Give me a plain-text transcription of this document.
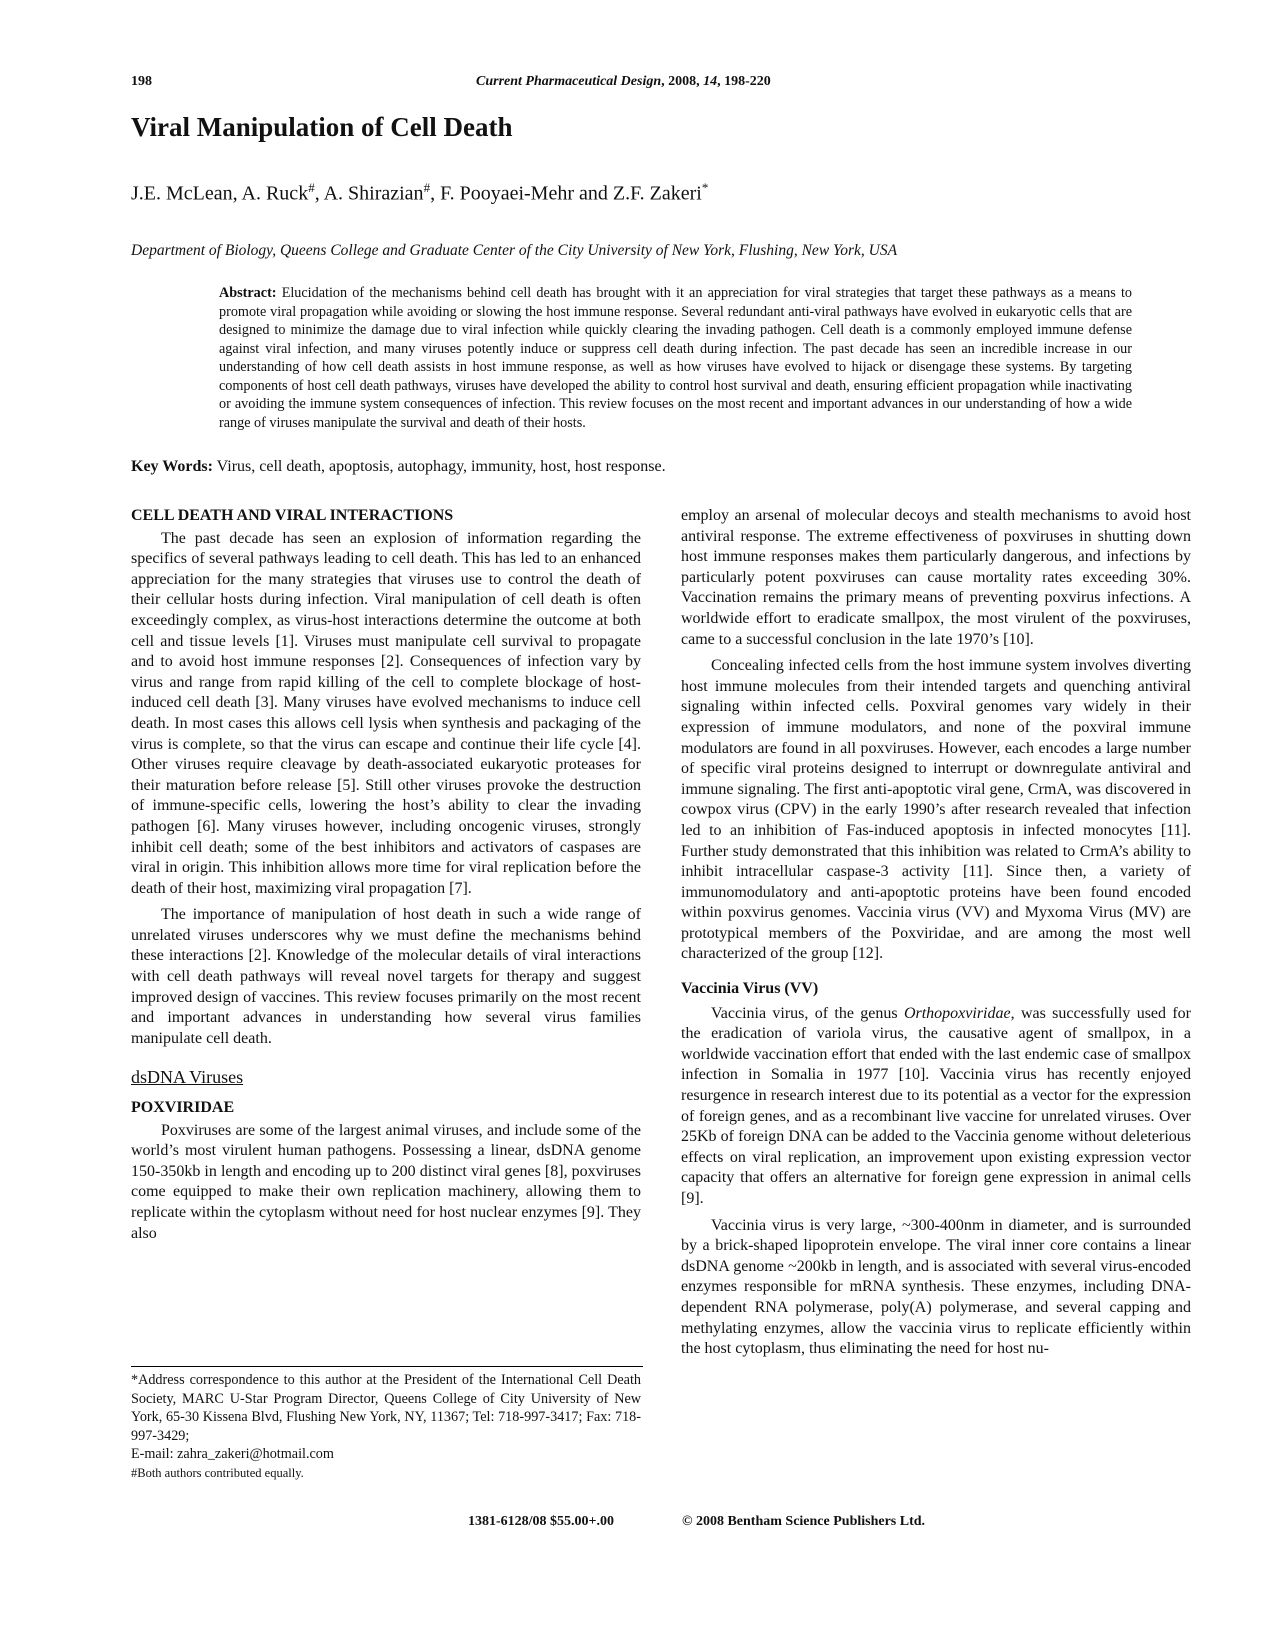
198	Current Pharmaceutical Design, 2008, 14, 198-220
Viral Manipulation of Cell Death
J.E. McLean, A. Ruck#, A. Shirazian#, F. Pooyaei-Mehr and Z.F. Zakeri*
Department of Biology, Queens College and Graduate Center of the City University of New York, Flushing, New York, USA
Abstract: Elucidation of the mechanisms behind cell death has brought with it an appreciation for viral strategies that target these pathways as a means to promote viral propagation while avoiding or slowing the host immune response. Several redundant anti-viral pathways have evolved in eukaryotic cells that are designed to minimize the damage due to viral infection while quickly clearing the invading pathogen. Cell death is a commonly employed immune defense against viral infection, and many viruses potently induce or suppress cell death during infection. The past decade has seen an incredible increase in our understanding of how cell death assists in host immune response, as well as how viruses have evolved to hijack or disengage these systems. By targeting components of host cell death pathways, viruses have developed the ability to control host survival and death, ensuring efficient propagation while inactivating or avoiding the immune system consequences of infection. This review focuses on the most recent and important advances in our understanding of how a wide range of viruses manipulate the survival and death of their hosts.
Key Words: Virus, cell death, apoptosis, autophagy, immunity, host, host response.
CELL DEATH AND VIRAL INTERACTIONS

The past decade has seen an explosion of information regarding the specifics of several pathways leading to cell death. This has led to an enhanced appreciation for the many strategies that viruses use to control the death of their cellular hosts during infection. Viral manipulation of cell death is often exceedingly complex, as virus-host interactions determine the outcome at both cell and tissue levels [1]. Viruses must manipulate cell survival to propagate and to avoid host immune responses [2]. Consequences of infection vary by virus and range from rapid killing of the cell to complete blockage of host-induced cell death [3]. Many viruses have evolved mechanisms to induce cell death. In most cases this allows cell lysis when synthesis and packaging of the virus is complete, so that the virus can escape and continue their life cycle [4]. Other viruses require cleavage by death-associated eukaryotic proteases for their maturation before release [5]. Still other viruses provoke the destruction of immune-specific cells, lowering the host’s ability to clear the invading pathogen [6]. Many viruses however, including oncogenic viruses, strongly inhibit cell death; some of the best inhibitors and activators of caspases are viral in origin. This inhibition allows more time for viral replication before the death of their host, maximizing viral propagation [7].

The importance of manipulation of host death in such a wide range of unrelated viruses underscores why we must define the mechanisms behind these interactions [2]. Knowledge of the molecular details of viral interactions with cell death pathways will reveal novel targets for therapy and suggest improved design of vaccines. This review focuses primarily on the most recent and important advances in understanding how several virus families manipulate cell death.

dsDNA Viruses
POXVIRIDAE

Poxviruses are some of the largest animal viruses, and include some of the world’s most virulent human pathogens. Possessing a linear, dsDNA genome 150-350kb in length and encoding up to 200 distinct viral genes [8], poxviruses come equipped to make their own replication machinery, allowing them to replicate within the cytoplasm without need for host nuclear enzymes [9]. They also

*Address correspondence to this author at the President of the International Cell Death Society, MARC U-Star Program Director, Queens College of City University of New York, 65-30 Kissena Blvd, Flushing New York, NY, 11367; Tel: 718-997-3417; Fax: 718-997-3429;
E-mail: zahra_zakeri@hotmail.com
#Both authors contributed equally.

employ an arsenal of molecular decoys and stealth mechanisms to avoid host antiviral response. The extreme effectiveness of poxviruses in shutting down host immune responses makes them particularly dangerous, and infections by particularly potent poxviruses can cause mortality rates exceeding 30%. Vaccination remains the primary means of preventing poxvirus infections. A worldwide effort to eradicate smallpox, the most virulent of the poxviruses, came to a successful conclusion in the late 1970’s [10].

Concealing infected cells from the host immune system involves diverting host immune molecules from their intended targets and quenching antiviral signaling within infected cells. Poxviral genomes vary widely in their expression of immune modulators, and none of the poxviral immune modulators are found in all poxviruses. However, each encodes a large number of specific viral proteins designed to interrupt or downregulate antiviral and immune signaling. The first anti-apoptotic viral gene, CrmA, was discovered in cowpox virus (CPV) in the early 1990’s after research revealed that infection led to an inhibition of Fas-induced apoptosis in infected monocytes [11]. Further study demonstrated that this inhibition was related to CrmA’s ability to inhibit intracellular caspase-3 activity [11]. Since then, a variety of immunomodulatory and anti-apoptotic proteins have been found encoded within poxvirus genomes. Vaccinia virus (VV) and Myxoma Virus (MV) are prototypical members of the Poxviridae, and are among the most well characterized of the group [12].

Vaccinia Virus (VV)

Vaccinia virus, of the genus Orthopoxviridae, was successfully used for the eradication of variola virus, the causative agent of smallpox, in a worldwide vaccination effort that ended with the last endemic case of smallpox infection in Somalia in 1977 [10]. Vaccinia virus has recently enjoyed resurgence in research interest due to its potential as a vector for the expression of foreign genes, and as a recombinant live vaccine for unrelated viruses. Over 25Kb of foreign DNA can be added to the Vaccinia genome without deleterious effects on viral replication, an improvement upon existing expression vector capacity that offers an alternative for foreign gene expression in animal cells [9].

Vaccinia virus is very large, ~300-400nm in diameter, and is surrounded by a brick-shaped lipoprotein envelope. The viral inner core contains a linear dsDNA genome ~200kb in length, and is associated with several virus-encoded enzymes responsible for mRNA synthesis. These enzymes, including DNA-dependent RNA polymerase, poly(A) polymerase, and several capping and methylating enzymes, allow the vaccinia virus to replicate efficiently within the host cytoplasm, thus eliminating the need for host nu-

1381-6128/08 $55.00+.00	© 2008 Bentham Science Publishers Ltd.
